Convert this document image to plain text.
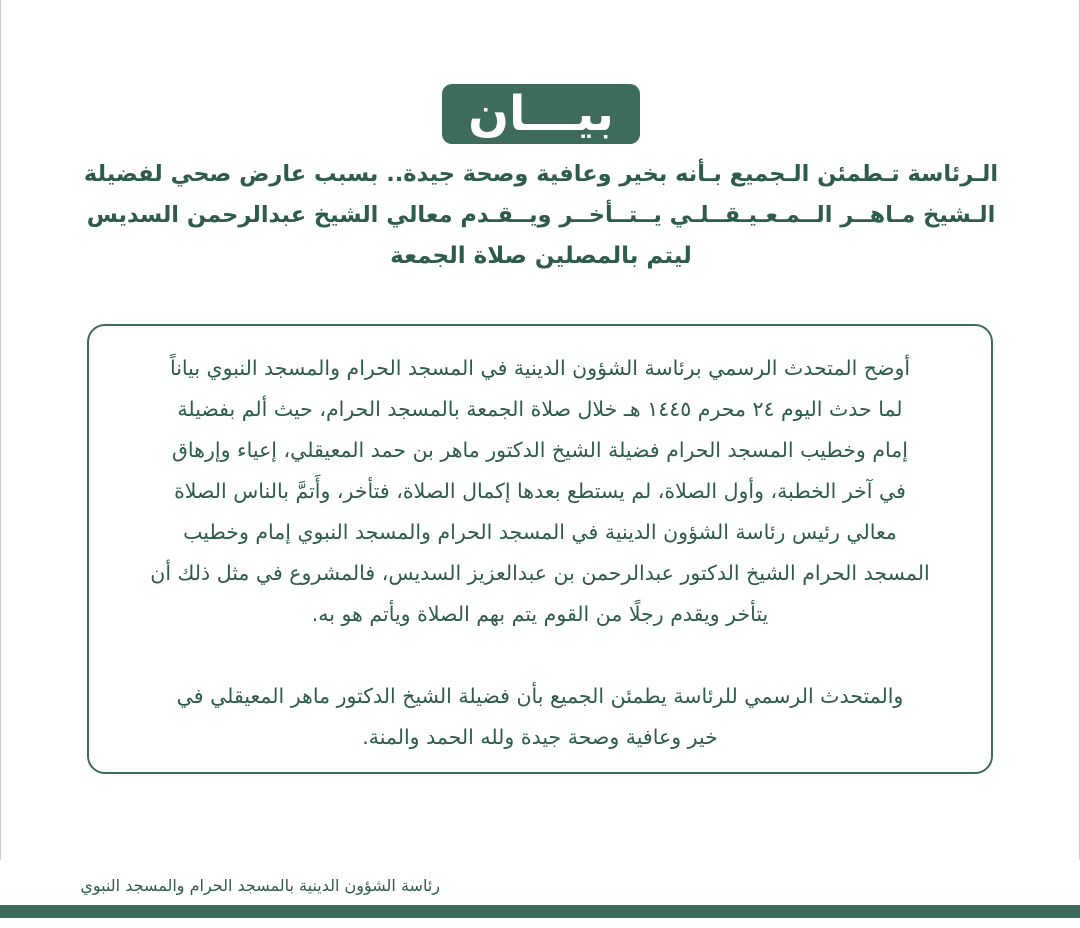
بيـــان
الـرئاسة تـطمئن الـجميع بـأنه بخير وعافية وصحة جيدة.. بسبب عارض صحي لفضيلة
الـشيخ مـاهــر الــمـعـيـقــلـي يــتــأخــر ويــقـدم معالي الشيخ عبدالرحمن السديس
ليتم بالمصلين صلاة الجمعة
أوضح المتحدث الرسمي برئاسة الشؤون الدينية في المسجد الحرام والمسجد النبوي بياناً
لما حدث اليوم ٢٤ محرم ١٤٤٥ هـ خلال صلاة الجمعة بالمسجد الحرام، حيث ألم بفضيلة
إمام وخطيب المسجد الحرام فضيلة الشيخ الدكتور ماهر بن حمد المعيقلي، إعياء وإرهاق
في آخر الخطبة، وأول الصلاة، لم يستطع بعدها إكمال الصلاة، فتأخر، وأَتمَّ بالناس الصلاة
معالي رئيس رئاسة الشؤون الدينية في المسجد الحرام والمسجد النبوي إمام وخطيب
المسجد الحرام الشيخ الدكتور عبدالرحمن بن عبدالعزيز السديس، فالمشروع في مثل ذلك أن
يتأخر ويقدم رجلًا من القوم يتم بهم الصلاة ويأتم هو به.
والمتحدث الرسمي للرئاسة يطمئن الجميع بأن فضيلة الشيخ الدكتور ماهر المعيقلي في
خير وعافية وصحة جيدة ولله الحمد والمنة.
رئاسة الشؤون الدينية بالمسجد الحرام والمسجد النبوي
